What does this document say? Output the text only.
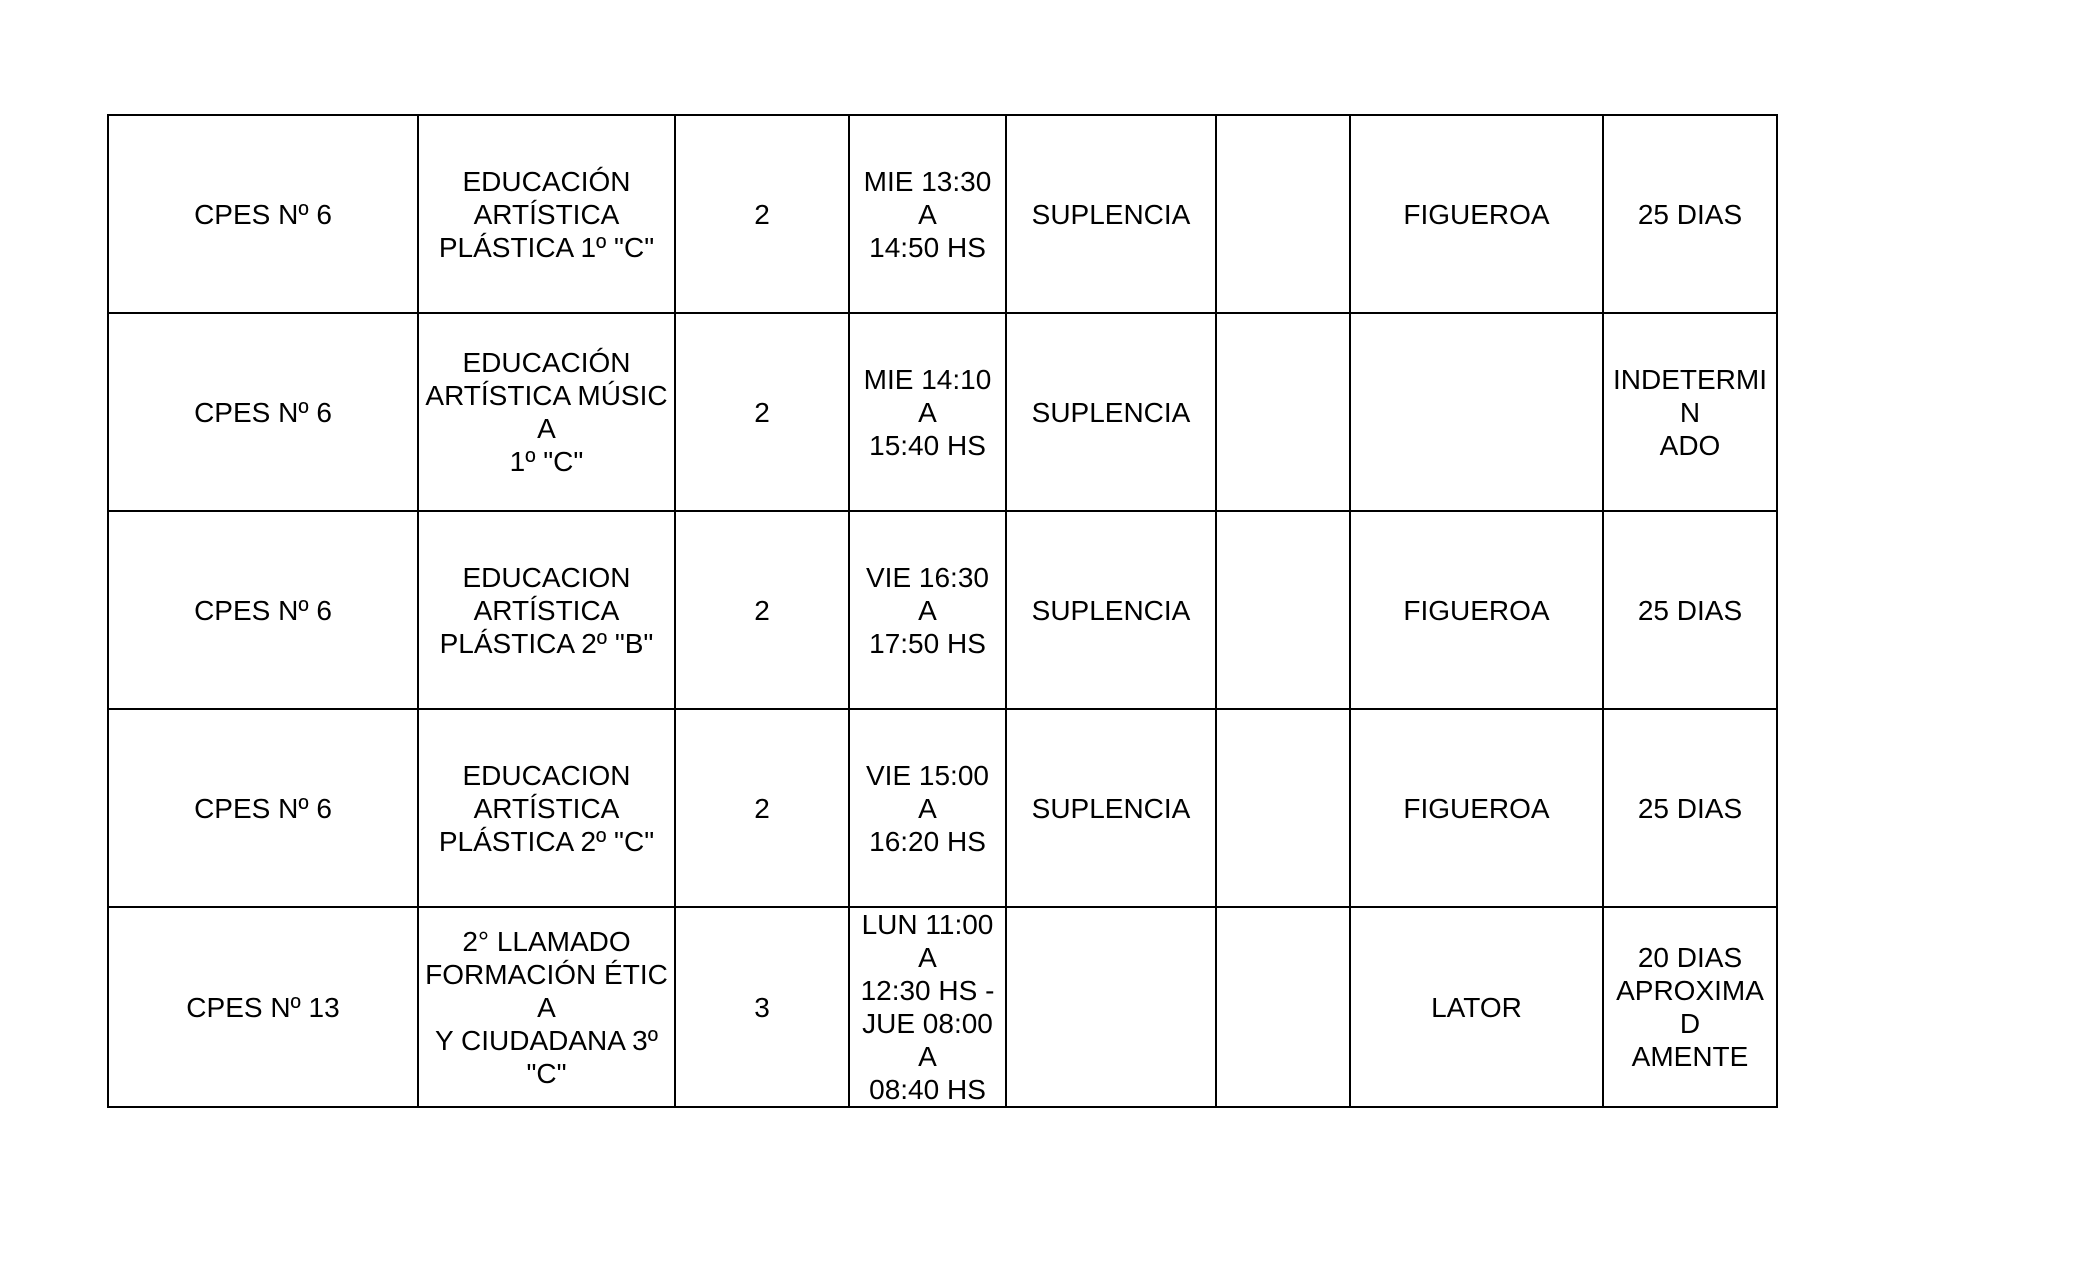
CPES Nº 6	EDUCACIÓN
ARTÍSTICA
PLÁSTICA 1º "C"	2	MIE 13:30 A
14:50 HS	SUPLENCIA		FIGUEROA	25 DIAS
CPES Nº 6	EDUCACIÓN
ARTÍSTICA MÚSICA
1º "C"	2	MIE 14:10 A
15:40 HS	SUPLENCIA			INDETERMIN
ADO
CPES Nº 6	EDUCACION
ARTÍSTICA
PLÁSTICA 2º "B"	2	VIE 16:30 A
17:50 HS	SUPLENCIA		FIGUEROA	25 DIAS
CPES Nº 6	EDUCACION
ARTÍSTICA
PLÁSTICA 2º "C"	2	VIE 15:00 A
16:20 HS	SUPLENCIA		FIGUEROA	25 DIAS
CPES Nº 13	2° LLAMADO
FORMACIÓN ÉTICA
Y CIUDADANA 3º
"C"	3	LUN 11:00 A
12:30 HS -
JUE 08:00 A
08:40 HS			LATOR	20 DIAS
APROXIMAD
AMENTE
